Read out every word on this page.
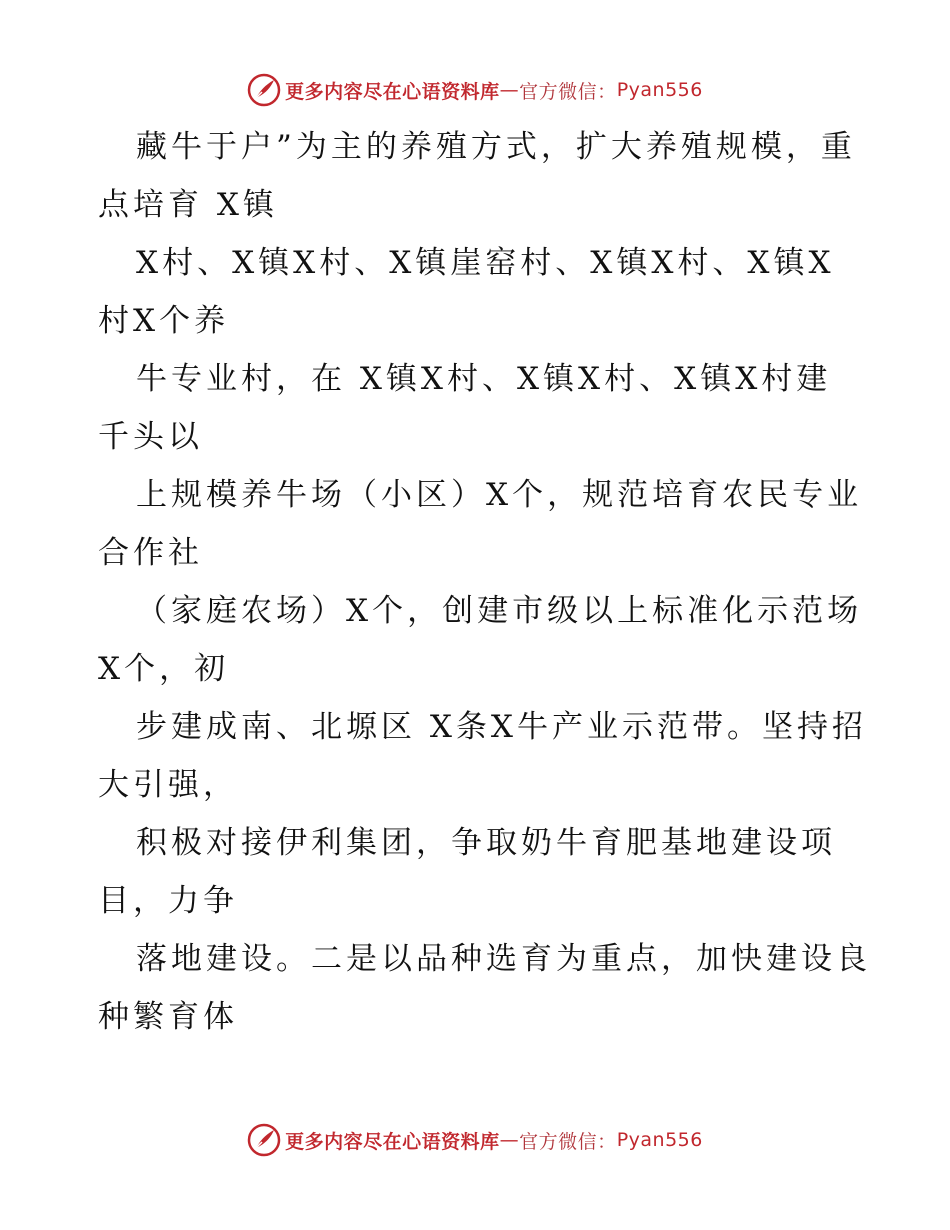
更多内容尽在心语资料库 — 官方微信： Pyan556
藏牛于户”为主的养殖方式，扩大养殖规模，重
点培育 X镇
X村、X镇X村、X镇崖窑村、X镇X村、X镇X
村X个养
牛专业村，在 X镇X村、X镇X村、X镇X村建
千头以
上规模养牛场（小区）X个，规范培育农民专业
合作社
（家庭农场）X个，创建市级以上标准化示范场
X个，初
步建成南、北塬区 X条X牛产业示范带。坚持招
大引强，
积极对接伊利集团，争取奶牛育肥基地建设项
目，力争
落地建设。二是以品种选育为重点，加快建设良
种繁育体
更多内容尽在心语资料库 — 官方微信： Pyan556
